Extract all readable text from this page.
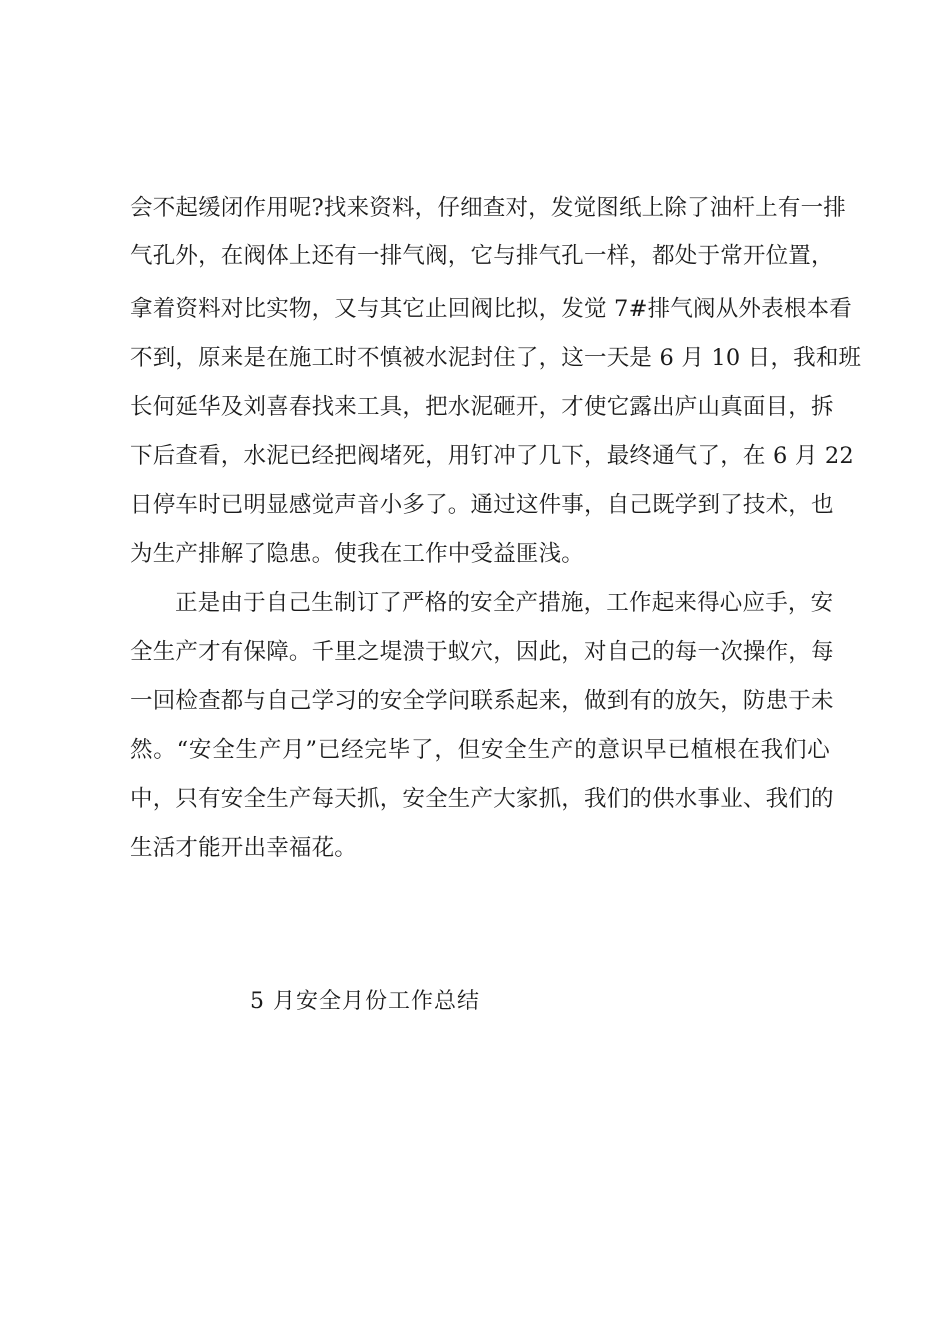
会不起缓闭作用呢?找来资料，仔细查对，发觉图纸上除了油杆上有一排
气孔外，在阀体上还有一排气阀，它与排气孔一样，都处于常开位置，
拿着资料对比实物，又与其它止回阀比拟，发觉 7#排气阀从外表根本看
不到，原来是在施工时不慎被水泥封住了，这一天是 6 月 10 日，我和班
长何延华及刘喜春找来工具，把水泥砸开，才使它露出庐山真面目，拆
下后查看，水泥已经把阀堵死，用钉冲了几下，最终通气了，在 6 月 22
日停车时已明显感觉声音小多了。通过这件事，自己既学到了技术，也
为生产排解了隐患。使我在工作中受益匪浅。
正是由于自己生制订了严格的安全产措施，工作起来得心应手，安
全生产才有保障。千里之堤溃于蚁穴，因此，对自己的每一次操作，每
一回检查都与自己学习的安全学问联系起来，做到有的放矢，防患于未
然。“安全生产月”已经完毕了，但安全生产的意识早已植根在我们心
中，只有安全生产每天抓，安全生产大家抓，我们的供水事业、我们的
生活才能开出幸福花。
5 月安全月份工作总结
